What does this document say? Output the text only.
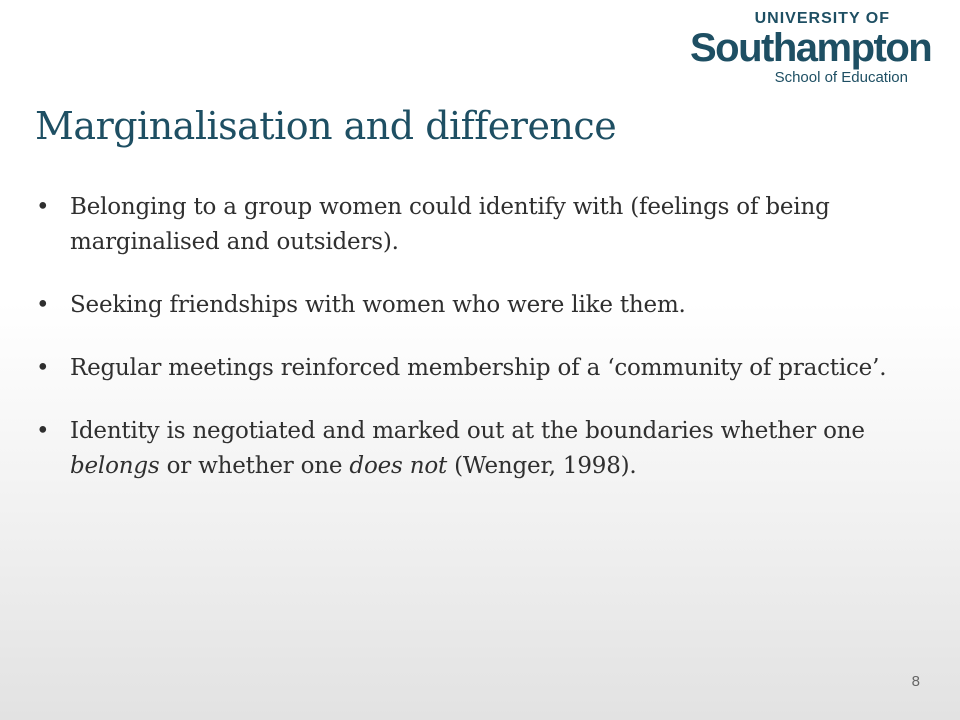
UNIVERSITY OF
Southampton
School of Education
Marginalisation and difference
• Belonging to a group women could identify with (feelings of being marginalised and outsiders).
• Seeking friendships with women who were like them.
• Regular meetings reinforced membership of a ‘community of practice’.
• Identity is negotiated and marked out at the boundaries whether one belongs or whether one does not (Wenger, 1998).
8
